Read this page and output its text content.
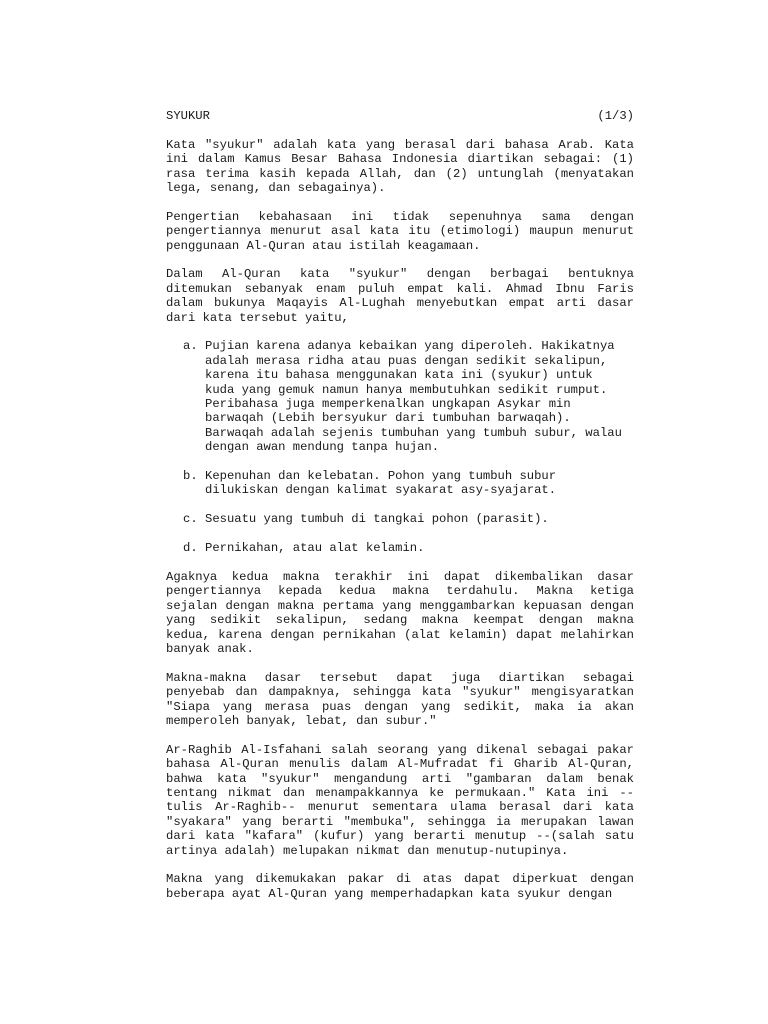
SYUKUR	(1/3)

Kata "syukur" adalah kata yang berasal dari bahasa Arab. Kata ini dalam Kamus Besar Bahasa Indonesia diartikan sebagai: (1) rasa terima kasih kepada Allah, dan (2) untunglah (menyatakan lega, senang, dan sebagainya).

Pengertian kebahasaan ini tidak sepenuhnya sama dengan pengertiannya menurut asal kata itu (etimologi) maupun menurut penggunaan Al-Quran atau istilah keagamaan.

Dalam Al-Quran kata "syukur" dengan berbagai bentuknya ditemukan sebanyak enam puluh empat kali. Ahmad Ibnu Faris dalam bukunya Maqayis Al-Lughah menyebutkan empat arti dasar dari kata tersebut yaitu,

a. Pujian karena adanya kebaikan yang diperoleh. Hakikatnya adalah merasa ridha atau puas dengan sedikit sekalipun, karena itu bahasa menggunakan kata ini (syukur) untuk kuda yang gemuk namun hanya membutuhkan sedikit rumput. Peribahasa juga memperkenalkan ungkapan Asykar min barwaqah (Lebih bersyukur dari tumbuhan barwaqah). Barwaqah adalah sejenis tumbuhan yang tumbuh subur, walau dengan awan mendung tanpa hujan.
b. Kepenuhan dan kelebatan. Pohon yang tumbuh subur dilukiskan dengan kalimat syakarat asy-syajarat.
c. Sesuatu yang tumbuh di tangkai pohon (parasit).
d. Pernikahan, atau alat kelamin.

Agaknya kedua makna terakhir ini dapat dikembalikan dasar pengertiannya kepada kedua makna terdahulu. Makna ketiga sejalan dengan makna pertama yang menggambarkan kepuasan dengan yang sedikit sekalipun, sedang makna keempat dengan makna kedua, karena dengan pernikahan (alat kelamin) dapat melahirkan banyak anak.

Makna-makna dasar tersebut dapat juga diartikan sebagai penyebab dan dampaknya, sehingga kata "syukur" mengisyaratkan "Siapa yang merasa puas dengan yang sedikit, maka ia akan memperoleh banyak, lebat, dan subur."

Ar-Raghib Al-Isfahani salah seorang yang dikenal sebagai pakar bahasa Al-Quran menulis dalam Al-Mufradat fi Gharib Al-Quran, bahwa kata "syukur" mengandung arti "gambaran dalam benak tentang nikmat dan menampakkannya ke permukaan." Kata ini --tulis Ar-Raghib-- menurut sementara ulama berasal dari kata "syakara" yang berarti "membuka", sehingga ia merupakan lawan dari kata "kafara" (kufur) yang berarti menutup --(salah satu artinya adalah) melupakan nikmat dan menutup-nutupinya.

Makna yang dikemukakan pakar di atas dapat diperkuat dengan beberapa ayat Al-Quran yang memperhadapkan kata syukur dengan
